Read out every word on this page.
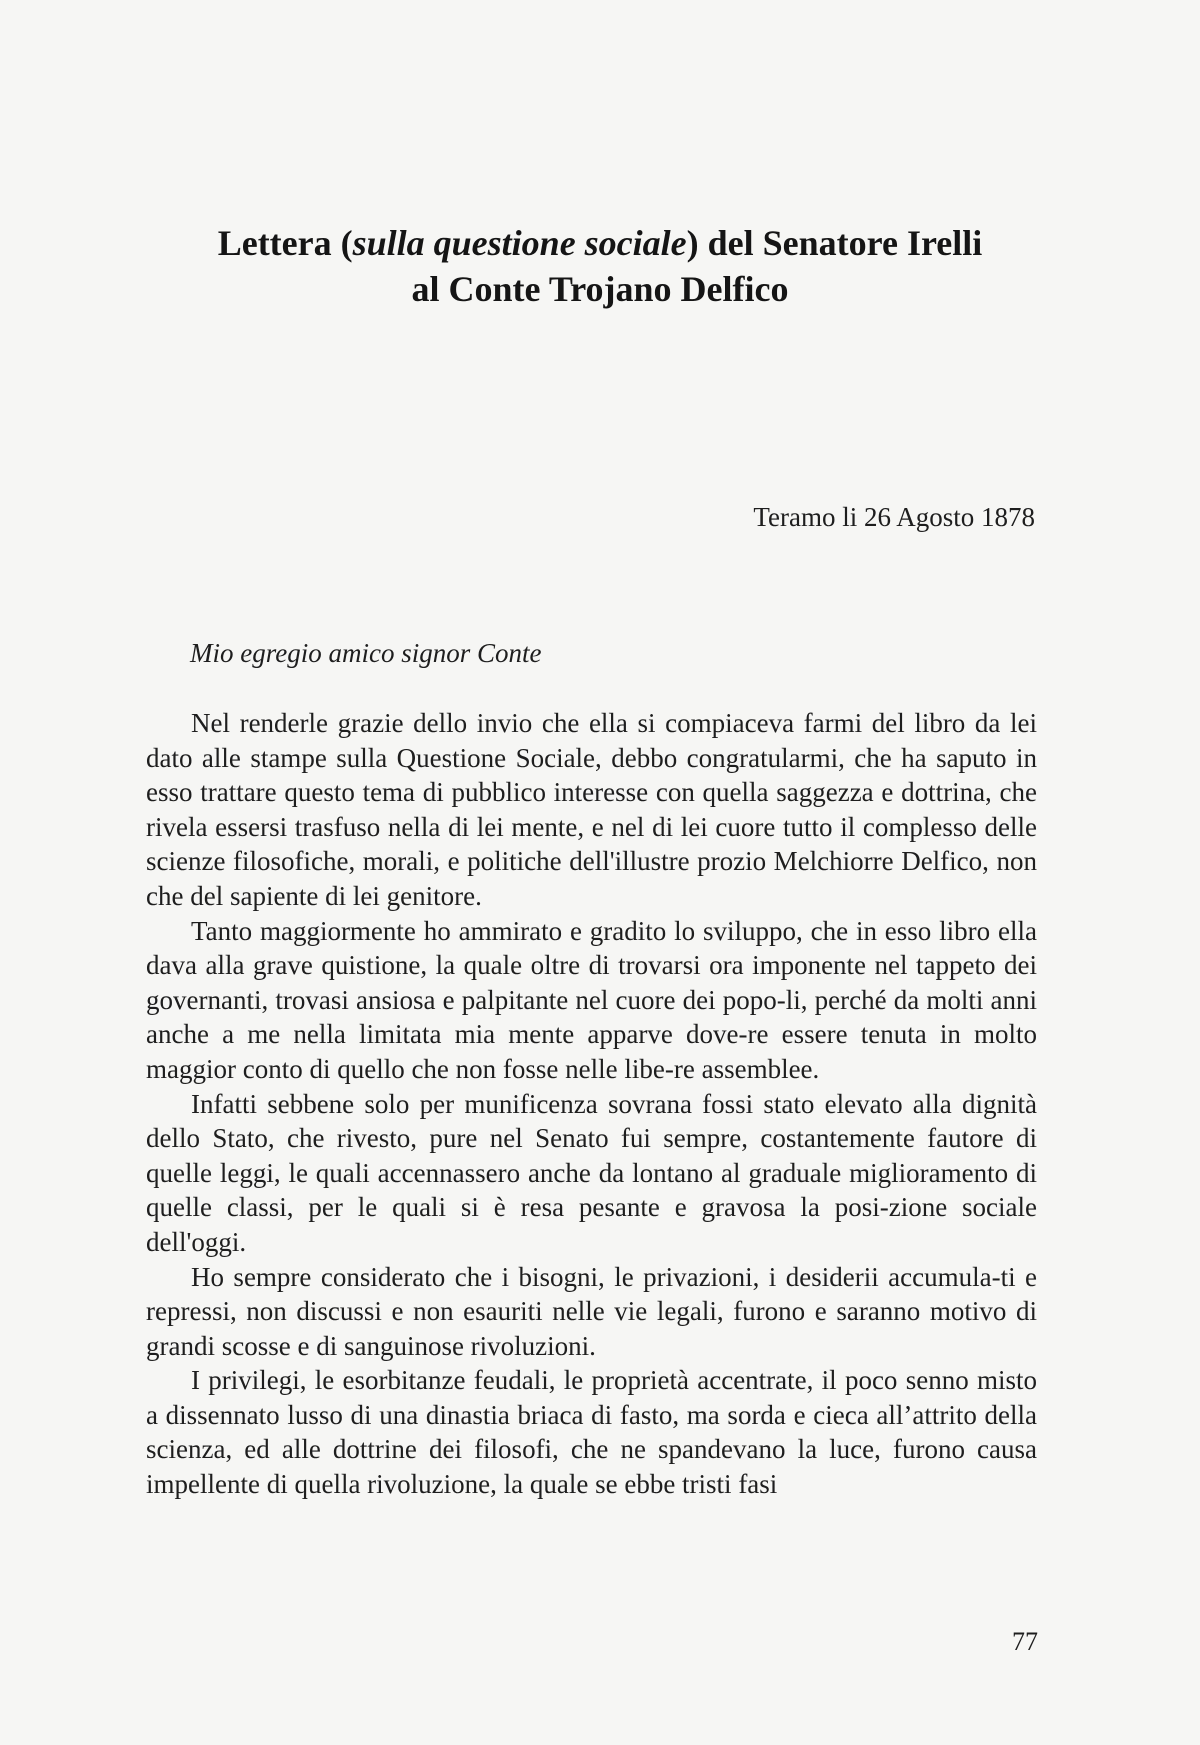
Lettera (sulla questione sociale) del Senatore Irelli
al Conte Trojano Delfico
Teramo li 26 Agosto 1878
Mio egregio amico signor Conte

Nel renderle grazie dello invio che ella si compiaceva farmi del libro da lei dato alle stampe sulla Questione Sociale, debbo congratularmi, che ha saputo in esso trattare questo tema di pubblico interesse con quella saggezza e dottrina, che rivela essersi trasfuso nella di lei mente, e nel di lei cuore tutto il complesso delle scienze filosofiche, morali, e politiche dell'illustre prozio Melchiorre Delfico, non che del sapiente di lei genitore.

Tanto maggiormente ho ammirato e gradito lo sviluppo, che in esso libro ella dava alla grave quistione, la quale oltre di trovarsi ora imponente nel tappeto dei governanti, trovasi ansiosa e palpitante nel cuore dei popo-li, perché da molti anni anche a me nella limitata mia mente apparve dove-re essere tenuta in molto maggior conto di quello che non fosse nelle libe-re assemblee.

Infatti sebbene solo per munificenza sovrana fossi stato elevato alla dignità dello Stato, che rivesto, pure nel Senato fui sempre, costantemente fautore di quelle leggi, le quali accennassero anche da lontano al graduale miglioramento di quelle classi, per le quali si è resa pesante e gravosa la posi-zione sociale dell'oggi.

Ho sempre considerato che i bisogni, le privazioni, i desiderii accumula-ti e repressi, non discussi e non esauriti nelle vie legali, furono e saranno motivo di grandi scosse e di sanguinose rivoluzioni.

I privilegi, le esorbitanze feudali, le proprietà accentrate, il poco senno misto a dissennato lusso di una dinastia briaca di fasto, ma sorda e cieca all’attrito della scienza, ed alle dottrine dei filosofi, che ne spandevano la luce, furono causa impellente di quella rivoluzione, la quale se ebbe tristi fasi

77
